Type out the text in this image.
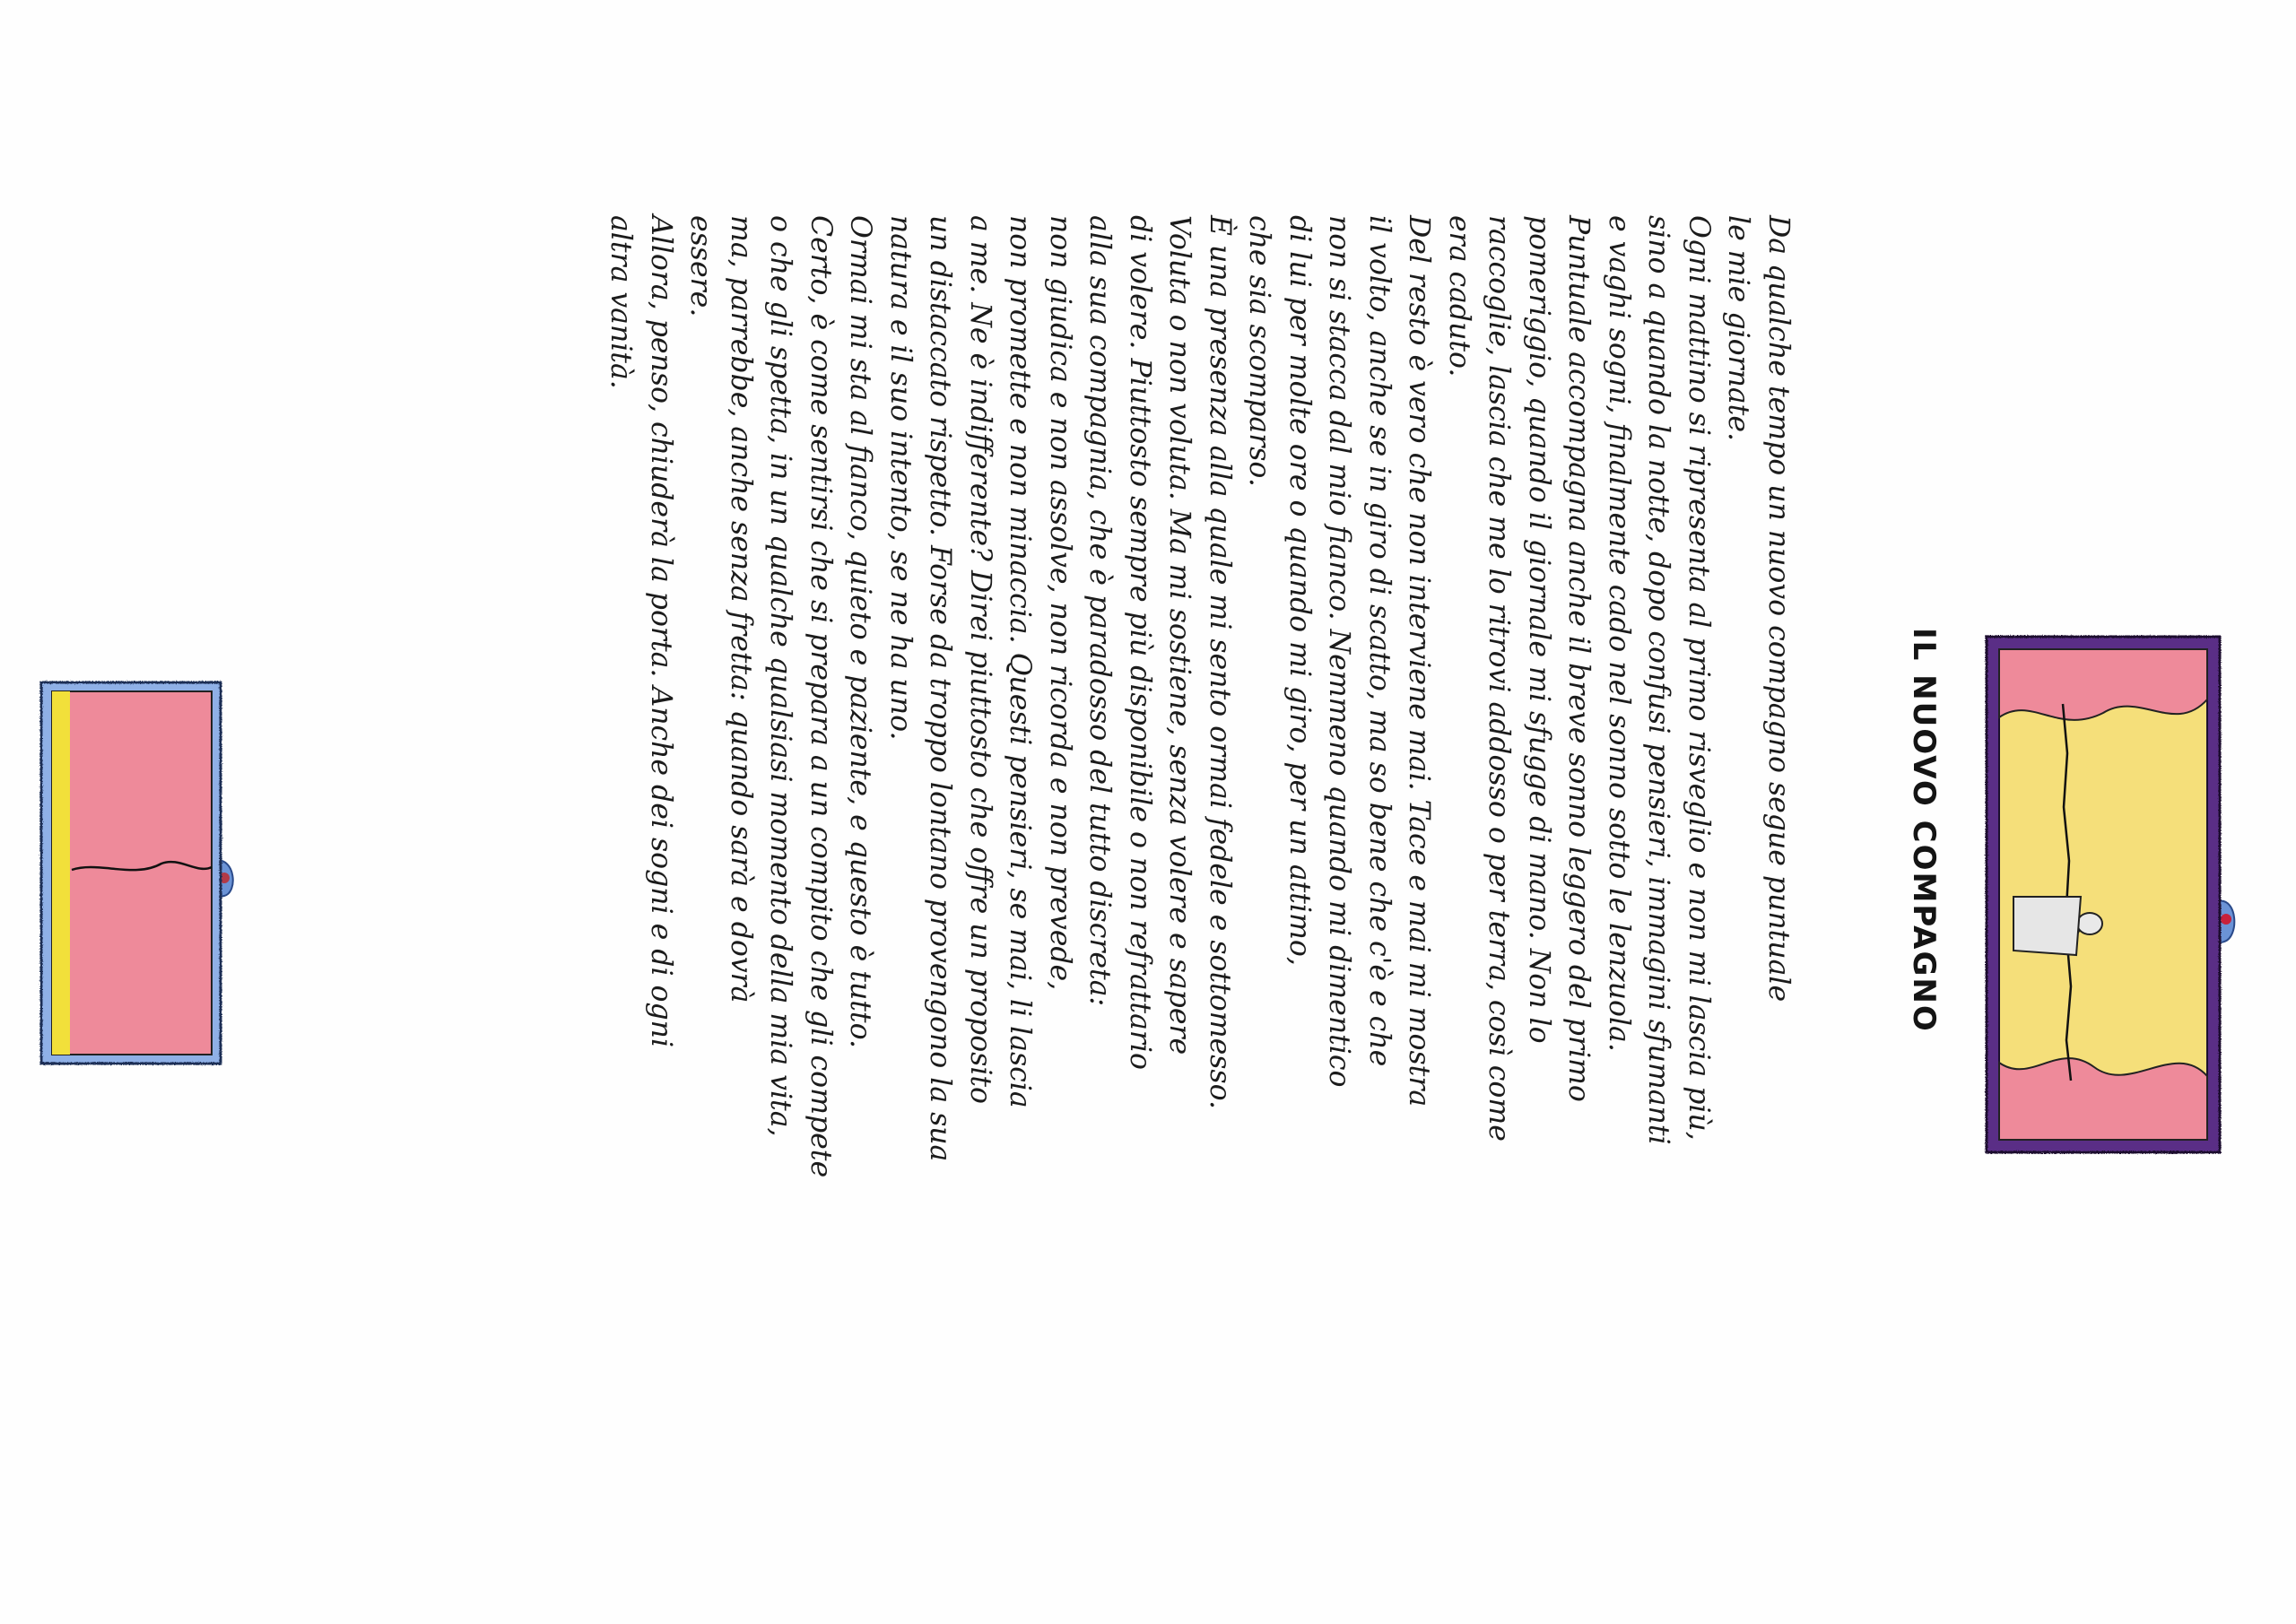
IL NUOVO COMPAGNO
Da qualche tempo un nuovo compagno segue puntuale
le mie giornate.
Ogni mattino si ripresenta al primo risveglio e non mi lascia più,
sino a quando la notte, dopo confusi pensieri, immagini sfumanti
e vaghi sogni, finalmente cado nel sonno sotto le lenzuola.
Puntuale accompagna anche il breve sonno leggero del primo
pomeriggio, quando il giornale mi sfugge di mano. Non lo
raccoglie, lascia che me lo ritrovi addosso o per terra, così come
era caduto.
Del resto è vero che non interviene mai. Tace e mai mi mostra
il volto, anche se in giro di scatto, ma so bene che c'è e che
non si stacca dal mio fianco. Nemmeno quando mi dimentico
di lui per molte ore o quando mi giro, per un attimo,
che sia scomparso.
È una presenza alla quale mi sento ormai fedele e sottomesso.
Voluta o non voluta. Ma mi sostiene, senza volere e sapere
di volere. Piuttosto sempre più disponibile o non refrattario
alla sua compagnia, che è paradosso del tutto discreta:
non giudica e non assolve, non ricorda e non prevede,
non promette e non minaccia. Questi pensieri, se mai, li lascia
a me. Ne è indifferente? Direi piuttosto che offre un proposito
un distaccato rispetto. Forse da troppo lontano provengono la sua
natura e il suo intento, se ne ha uno.
Ormai mi sta al fianco, quieto e paziente, e questo è tutto.
Certo, è come sentirsi che si prepara a un compito che gli compete
o che gli spetta, in un qualche qualsiasi momento della mia vita,
ma, parrebbe, anche senza fretta: quando sarà e dovrà
essere.
Allora, penso, chiuderà la porta. Anche dei sogni e di ogni
altra vanità.
